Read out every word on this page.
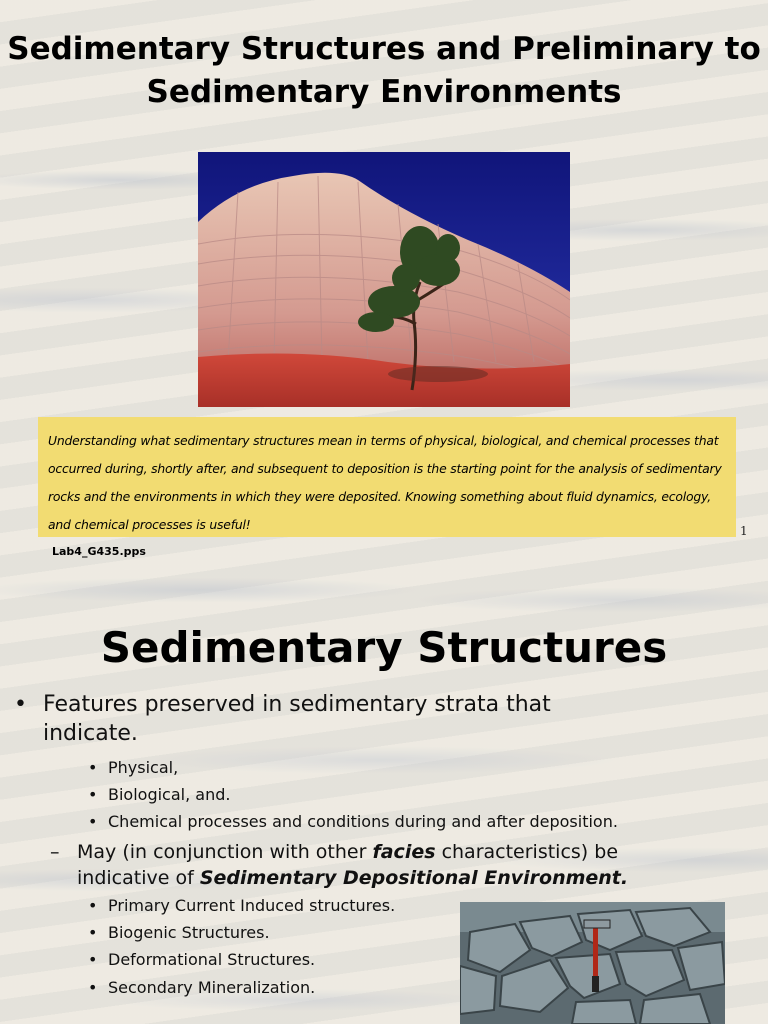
Sedimentary Structures and Preliminary to Sedimentary Environments

Understanding what sedimentary structures mean in terms of physical, biological, and chemical processes that occurred during, shortly after, and subsequent to deposition is the starting point for the analysis of sedimentary rocks and the environments in which they were deposited. Knowing something about fluid dynamics, ecology, and chemical processes is useful!	1
Lab4_G435.pps
Sedimentary Structures
• Features preserved in sedimentary strata that indicate.
• Physical,
• Biological, and.
• Chemical processes and conditions during and after deposition.
– May (in conjunction with other facies characteristics) be indicative of Sedimentary Depositional Environment.
• Primary Current Induced structures.
• Biogenic Structures.
• Deformational Structures.
• Secondary Mineralization.
